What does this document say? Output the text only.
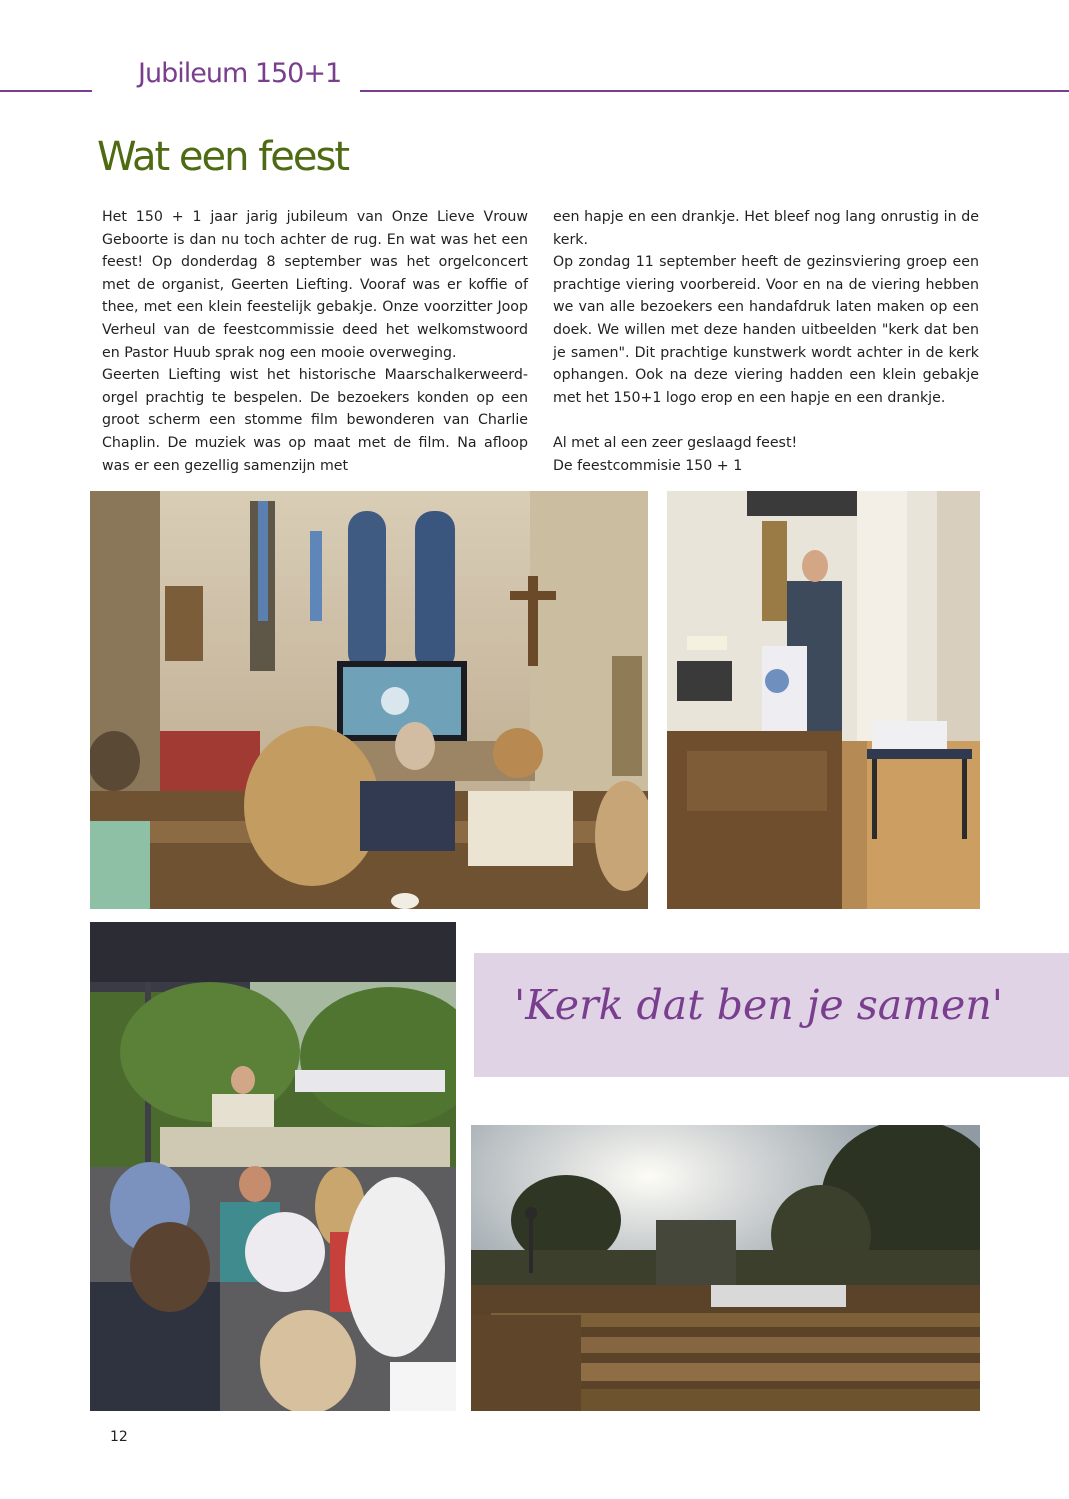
Jubileum 150+1
Wat een feest

Het 150 + 1 jaar jarig jubileum van Onze Lieve Vrouw Geboorte is dan nu toch achter de rug. En wat was het een feest! Op donderdag 8 september was het orgelconcert met de organist, Geerten Liefting. Vooraf was er koffie of thee, met een klein feestelijk gebakje. Onze voorzitter Joop Verheul van de feestcommissie deed het welkomstwoord en Pastor Huub sprak nog een mooie overweging.

Geerten Liefting wist het historische Maarschalkerweerd-orgel prachtig te bespelen. De bezoekers konden op een groot scherm een stomme film bewonderen van Charlie Chaplin. De muziek was op maat met de film. Na afloop was er een gezellig samenzijn met

een hapje en een drankje. Het bleef nog lang onrustig in de kerk.

Op zondag 11 september heeft de gezinsviering groep een prachtige viering voorbereid. Voor en na de viering hebben we van alle bezoekers een handafdruk laten maken op een doek. We willen met deze handen uitbeelden "kerk dat ben je samen". Dit prachtige kunstwerk wordt achter in de kerk ophangen. Ook na deze viering hadden een klein gebakje met het 150+1 logo erop en een hapje en een drankje.

Al met al een zeer geslaagd feest!

De feestcommisie 150 + 1

'Kerk dat ben je samen'

12
